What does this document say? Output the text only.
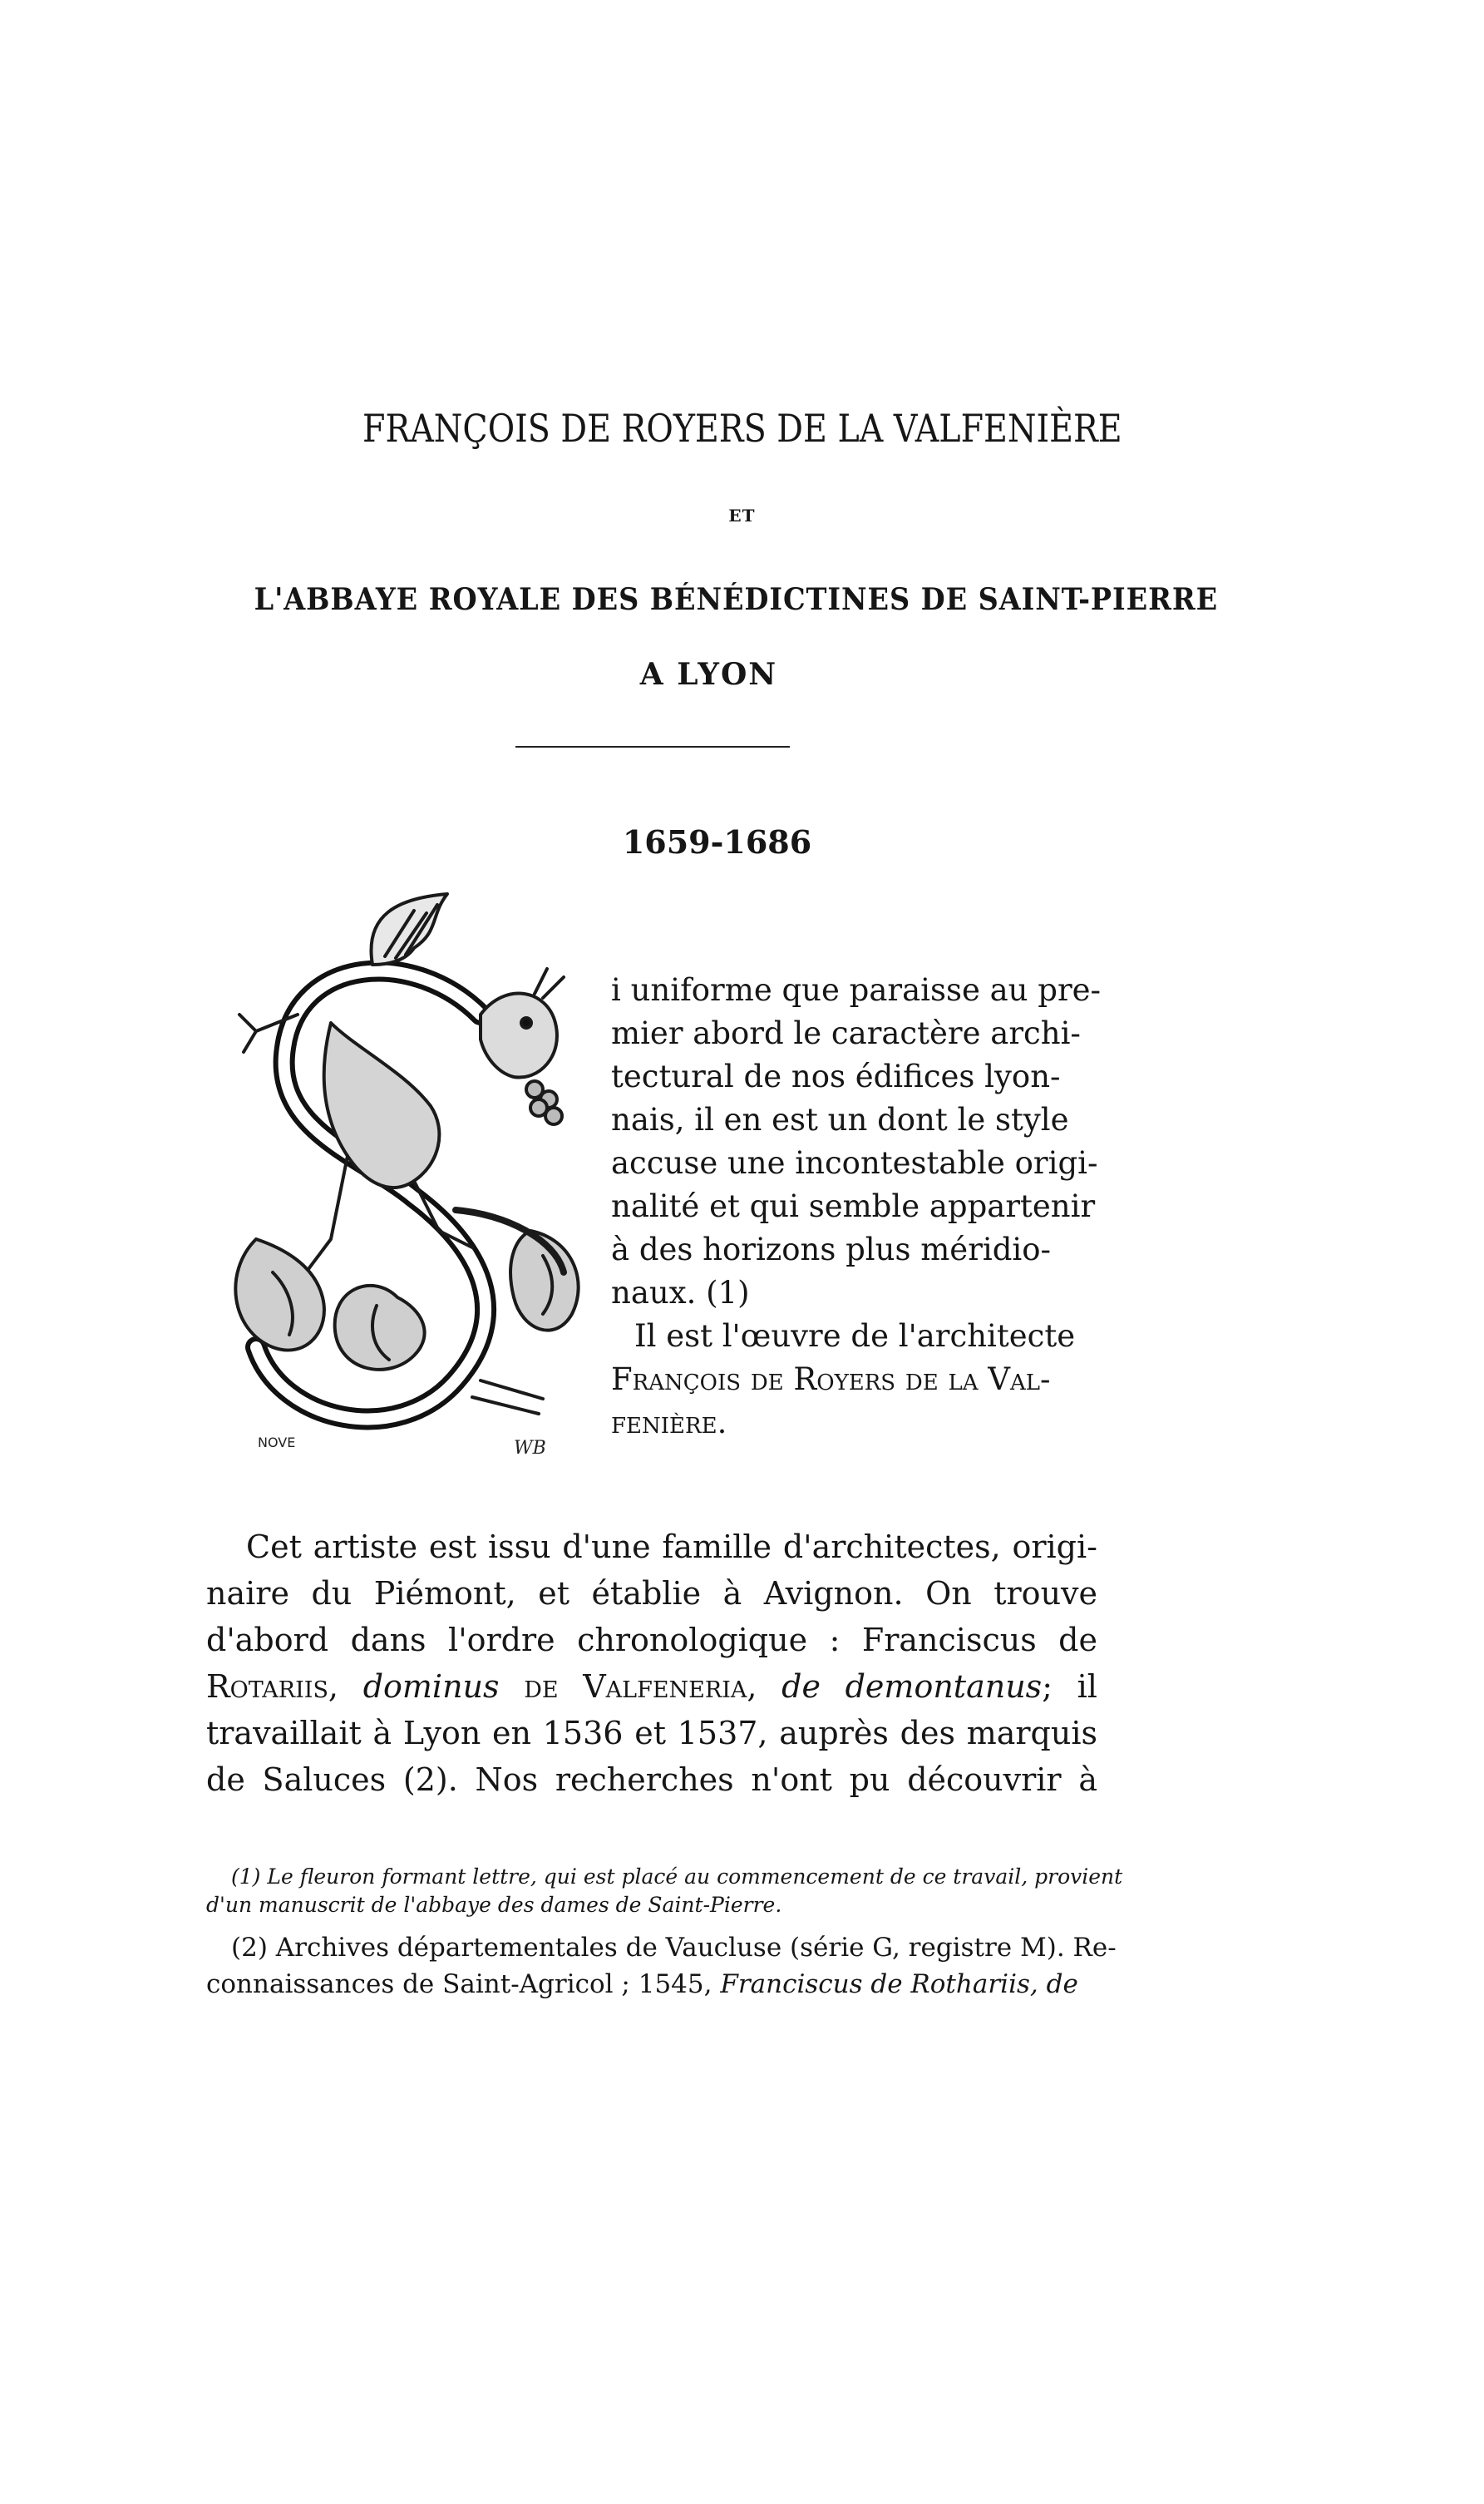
FRANÇOIS DE ROYERS DE LA VALFENIÈRE
ET
L'ABBAYE ROYALE DES BÉNÉDICTINES DE SAINT-PIERRE
A LYON
1659-1686
NOVE	WB
i uniforme que paraisse au pre-
mier abord le caractère archi-
tectural de nos édifices lyon-
nais, il en est un dont le style
accuse une incontestable origi-
nalité et qui semble appartenir
à des horizons plus méridio-
naux. (1)
Il est l'œuvre de l'architecte
François de Royers de la Val-
fenière.
Cet artiste est issu d'une famille d'architectes, origi-
naire du Piémont, et établie à Avignon. On trouve
d'abord dans l'ordre chronologique : Franciscus de
Rotariis, dominus de Valfeneria, de demontanus; il
travaillait à Lyon en 1536 et 1537, auprès des marquis
de Saluces (2). Nos recherches n'ont pu découvrir à
(1) Le fleuron formant lettre, qui est placé au commencement de ce travail, provient
d'un manuscrit de l'abbaye des dames de Saint-Pierre.
(2) Archives départementales de Vaucluse (série G, registre M). Re-
connaissances de Saint-Agricol ; 1545, Franciscus de Rothariis, de
